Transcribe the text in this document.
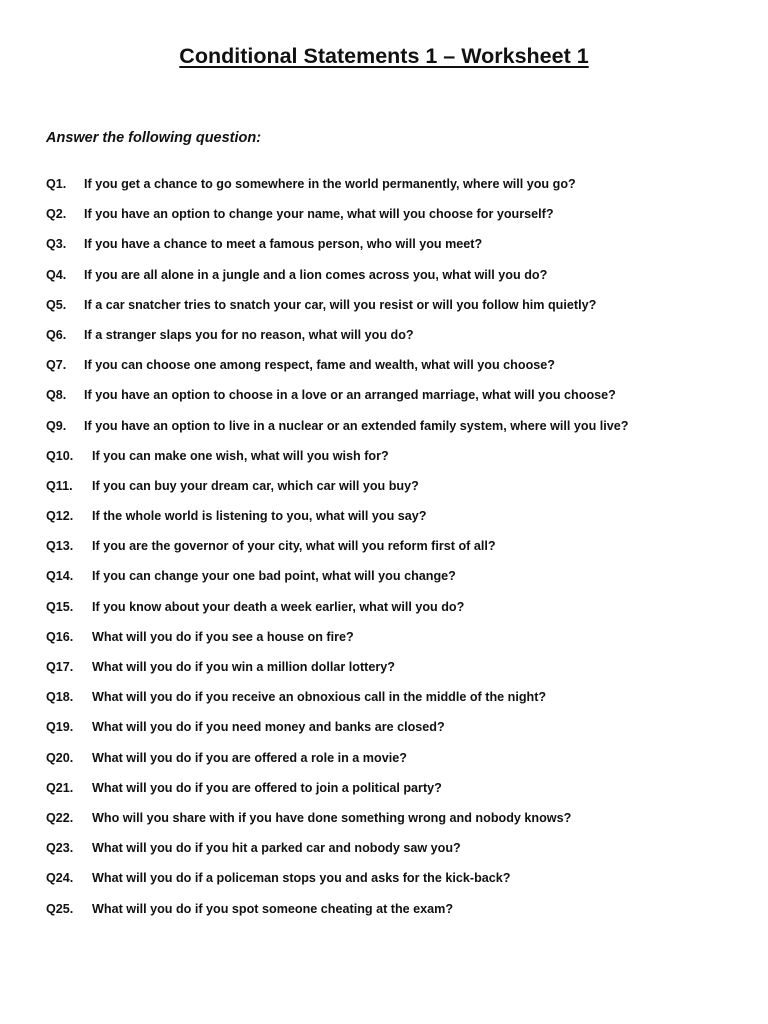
Conditional Statements 1 – Worksheet 1
Answer the following question:
Q1. If you get a chance to go somewhere in the world permanently, where will you go?
Q2. If you have an option to change your name, what will you choose for yourself?
Q3. If you have a chance to meet a famous person, who will you meet?
Q4. If you are all alone in a jungle and a lion comes across you, what will you do?
Q5. If a car snatcher tries to snatch your car, will you resist or will you follow him quietly?
Q6. If a stranger slaps you for no reason, what will you do?
Q7. If you can choose one among respect, fame and wealth, what will you choose?
Q8. If you have an option to choose in a love or an arranged marriage, what will you choose?
Q9. If you have an option to live in a nuclear or an extended family system, where will you live?
Q10. If you can make one wish, what will you wish for?
Q11. If you can buy your dream car, which car will you buy?
Q12. If the whole world is listening to you, what will you say?
Q13. If you are the governor of your city, what will you reform first of all?
Q14. If you can change your one bad point, what will you change?
Q15. If you know about your death a week earlier, what will you do?
Q16. What will you do if you see a house on fire?
Q17. What will you do if you win a million dollar lottery?
Q18. What will you do if you receive an obnoxious call in the middle of the night?
Q19. What will you do if you need money and banks are closed?
Q20. What will you do if you are offered a role in a movie?
Q21. What will you do if you are offered to join a political party?
Q22. Who will you share with if you have done something wrong and nobody knows?
Q23. What will you do if you hit a parked car and nobody saw you?
Q24. What will you do if a policeman stops you and asks for the kick-back?
Q25. What will you do if you spot someone cheating at the exam?
